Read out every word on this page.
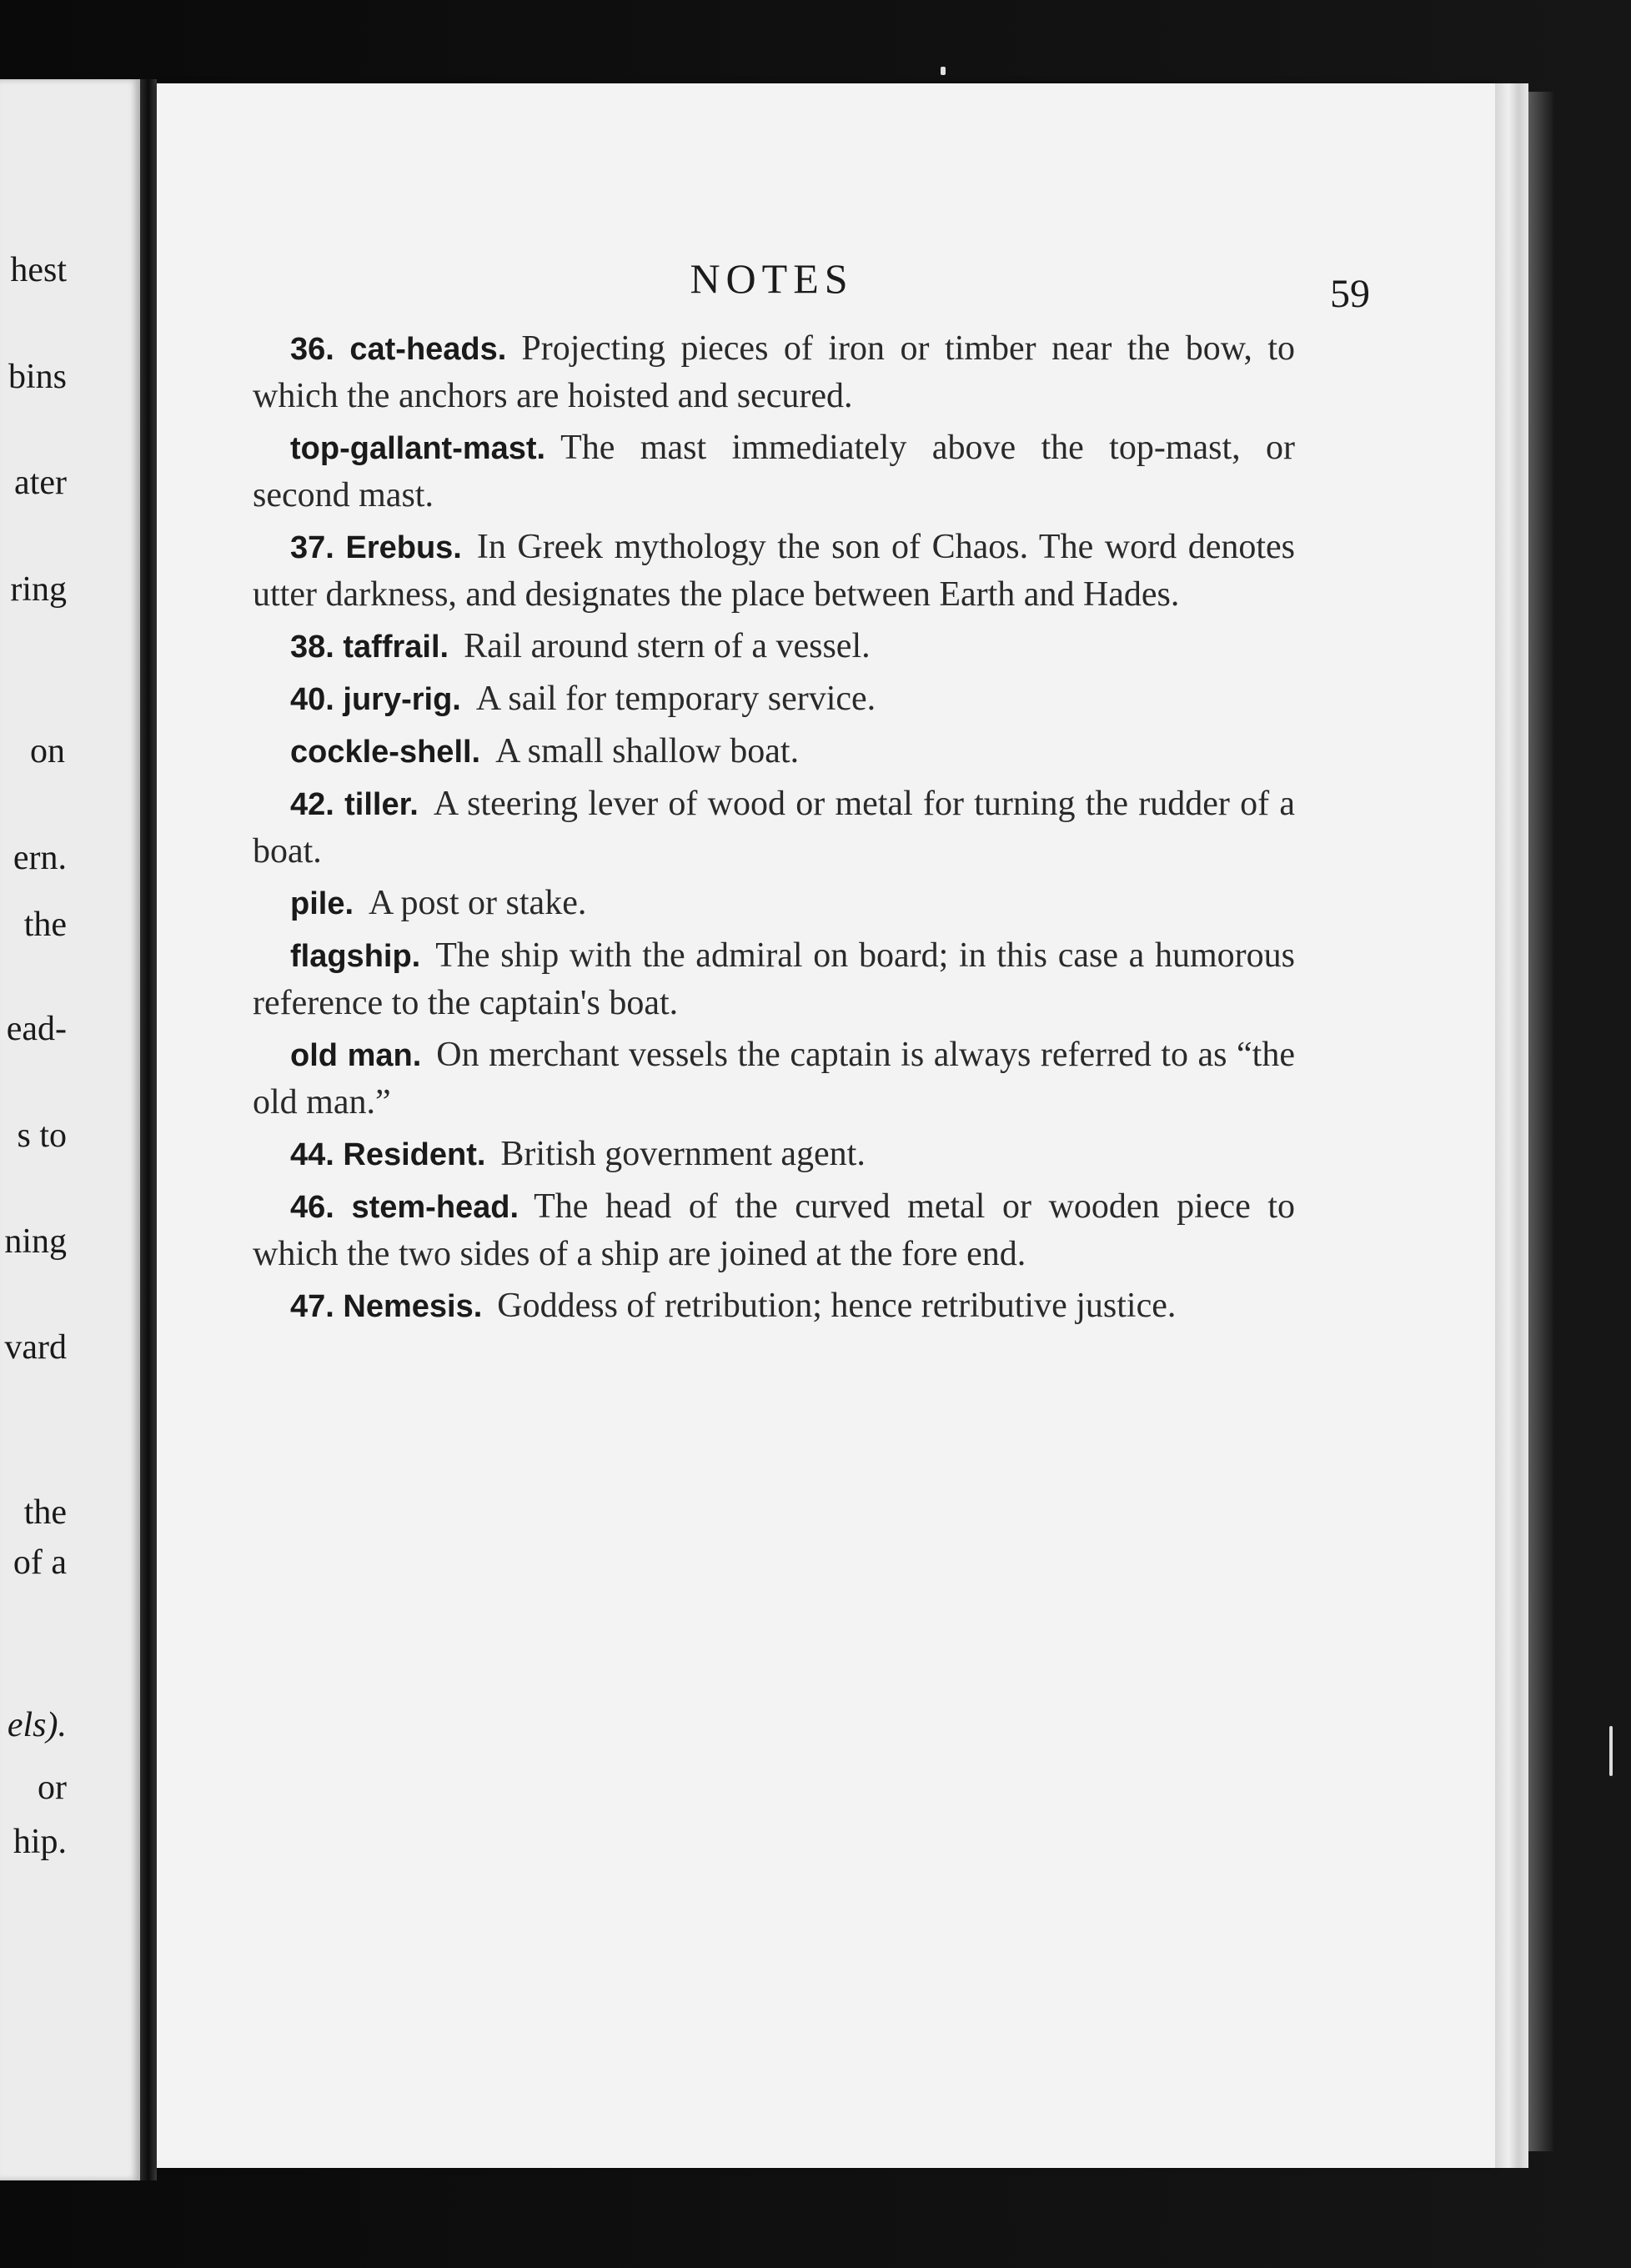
hest
bins
ater
ring
on
ern.
the
ead-
s to
ning
vard
the
of a
els).
or
hip.
NOTES	59

36. cat-heads. Projecting pieces of iron or timber near the bow, to which the anchors are hoisted and secured.

top-gallant-mast. The mast immediately above the top-mast, or second mast.

37. Erebus. In Greek mythology the son of Chaos. The word denotes utter darkness, and designates the place between Earth and Hades.

38. taffrail. Rail around stern of a vessel.

40. jury-rig. A sail for temporary service.

cockle-shell. A small shallow boat.

42. tiller. A steering lever of wood or metal for turning the rudder of a boat.

pile. A post or stake.

flagship. The ship with the admiral on board; in this case a humorous reference to the captain's boat.

old man. On merchant vessels the captain is always referred to as “the old man.”

44. Resident. British government agent.

46. stem-head. The head of the curved metal or wooden piece to which the two sides of a ship are joined at the fore end.

47. Nemesis. Goddess of retribution; hence retributive justice.
